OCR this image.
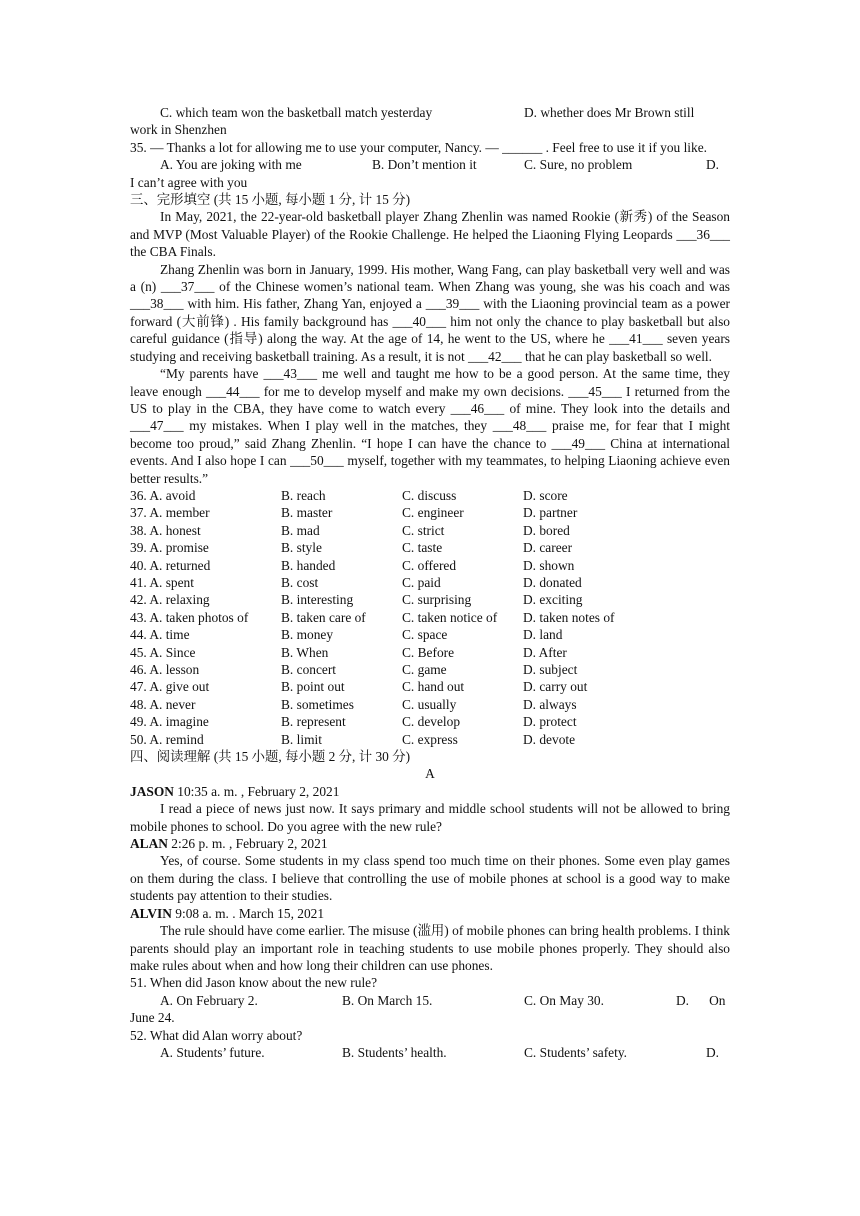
C. which team won the basketball match yesterday	D. whether does Mr Brown still
work in Shenzhen

35. — Thanks a lot for allowing me to use your computer, Nancy. — ______ . Feel free to use it if you like.

A. You are joking with me	B. Don’t mention it	C. Sure, no problem	D.
I can’t agree with you
三、完形填空 (共 15 小题, 每小题 1 分, 计 15 分)

In May, 2021, the 22-year-old basketball player Zhang Zhenlin was named Rookie (新秀) of the Season and MVP (Most Valuable Player) of the Rookie Challenge. He helped the Liaoning Flying Leopards ___36___ the CBA Finals.

Zhang Zhenlin was born in January, 1999. His mother, Wang Fang, can play basketball very well and was a (n) ___37___ of the Chinese women’s national team. When Zhang was young, she was his coach and was ___38___ with him. His father, Zhang Yan, enjoyed a ___39___ with the Liaoning provincial team as a power forward (大前锋) . His family background has ___40___ him not only the chance to play basketball but also careful guidance (指导) along the way. At the age of 14, he went to the US, where he ___41___ seven years studying and receiving basketball training. As a result, it is not ___42___ that he can play basketball so well.

“My parents have ___43___ me well and taught me how to be a good person. At the same time, they leave enough ___44___ for me to develop myself and make my own decisions. ___45___ I returned from the US to play in the CBA, they have come to watch every ___46___ of mine. They look into the details and ___47___ my mistakes. When I play well in the matches, they ___48___ praise me, for fear that I might become too proud,” said Zhang Zhenlin. “I hope I can have the chance to ___49___ China at international events. And I also hope I can ___50___ myself, together with my teammates, to helping Liaoning achieve even better results.”

36. A. avoid	B. reach	C. discuss	D. score
37. A. member	B. master	C. engineer	D. partner
38. A. honest	B. mad	C. strict	D. bored
39. A. promise	B. style	C. taste	D. career
40. A. returned	B. handed	C. offered	D. shown
41. A. spent	B. cost	C. paid	D. donated
42. A. relaxing	B. interesting	C. surprising	D. exciting
43. A. taken photos of	B. taken care of	C. taken notice of	D. taken notes of
44. A. time	B. money	C. space	D. land
45. A. Since	B. When	C. Before	D. After
46. A. lesson	B. concert	C. game	D. subject
47. A. give out	B. point out	C. hand out	D. carry out
48. A. never	B. sometimes	C. usually	D. always
49. A. imagine	B. represent	C. develop	D. protect
50. A. remind	B. limit	C. express	D. devote
四、阅读理解 (共 15 小题, 每小题 2 分, 计 30 分)
A
JASON 10:35 a. m. , February 2, 2021

I read a piece of news just now. It says primary and middle school students will not be allowed to bring mobile phones to school. Do you agree with the new rule?

ALAN 2:26 p. m. , February 2, 2021

Yes, of course. Some students in my class spend too much time on their phones. Some even play games on them during the class. I believe that controlling the use of mobile phones at school is a good way to make students pay attention to their studies.

ALVIN 9:08 a. m. . March 15, 2021

The rule should have come earlier. The misuse (滥用) of mobile phones can bring health problems. I think parents should play an important role in teaching students to use mobile phones properly. They should also make rules about when and how long their children can use phones.

51. When did Jason know about the new rule?
A. On February 2.	B. On March 15.	C. On May 30.	D.      On
June 24.
52. What did Alan worry about?
A. Students’ future.	B. Students’ health.	C. Students’ safety.	D.
